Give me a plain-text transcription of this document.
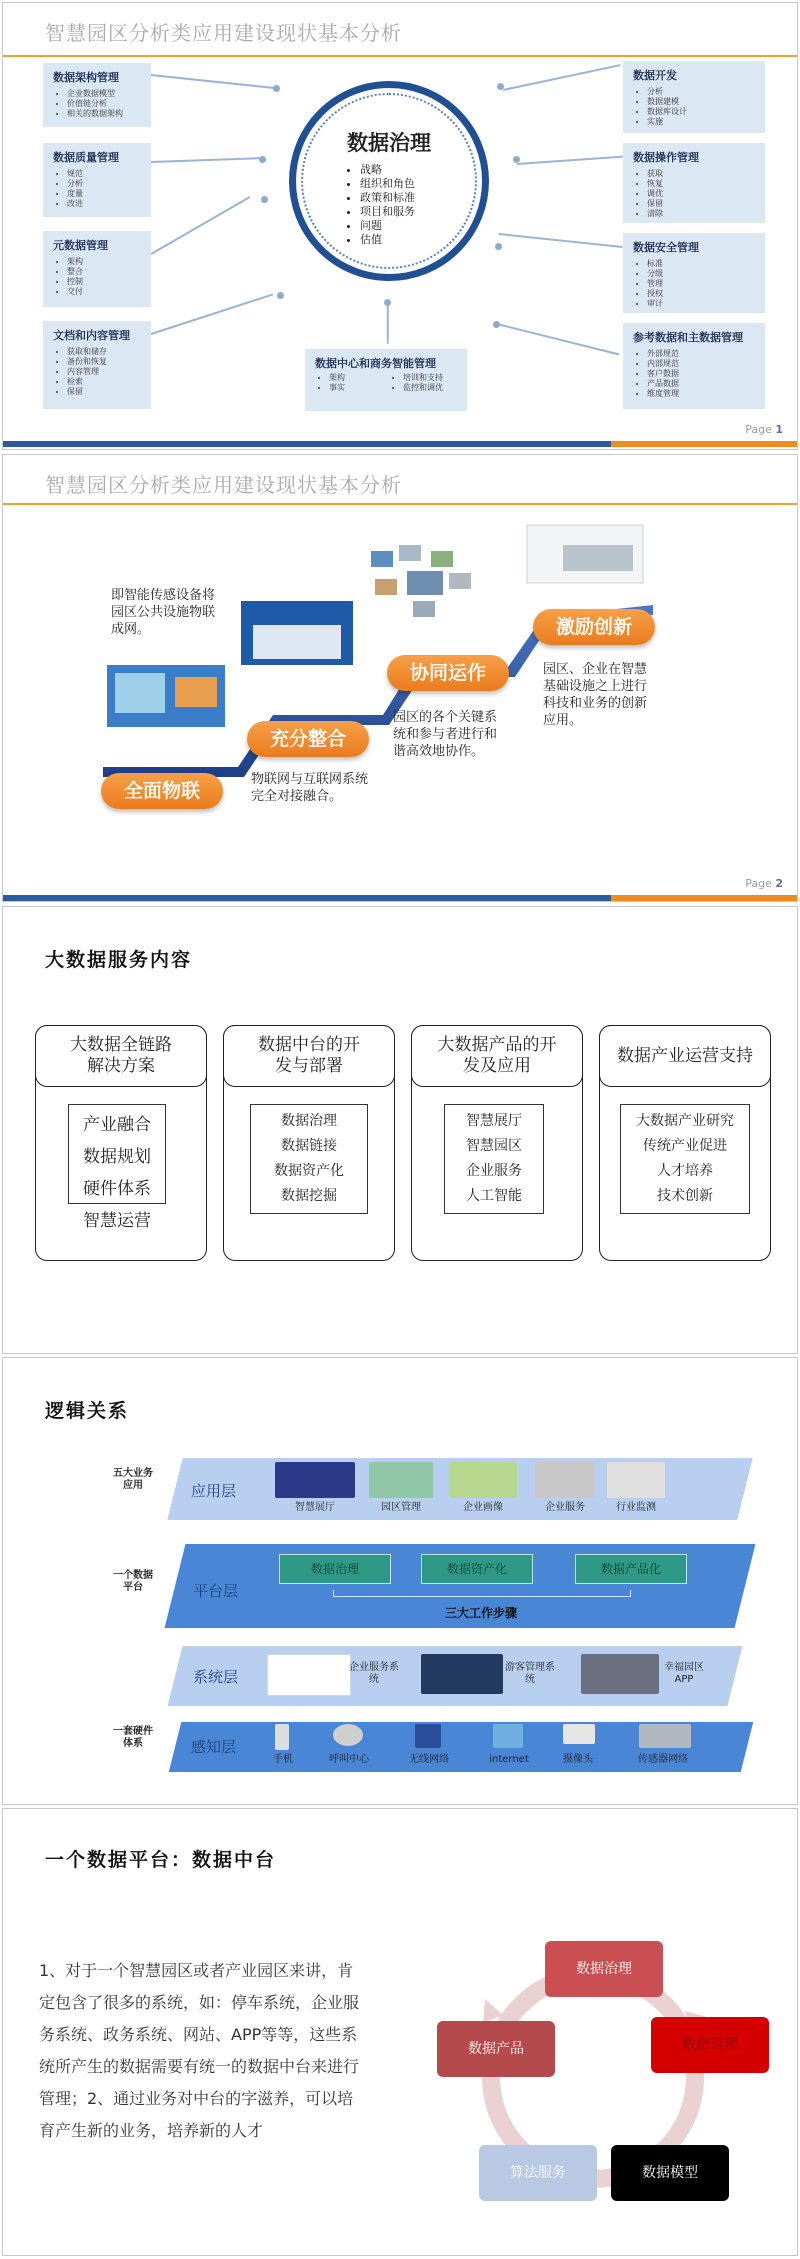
智慧园区分析类应用建设现状基本分析
数据治理
• 战略
• 组织和角色
• 政策和标准
• 项目和服务
• 问题
• 估值
数据架构管理
• 企业数据模型
• 价值链分析
• 相关的数据架构
数据质量管理
• 规范
• 分析
• 度量
• 改进
元数据管理
• 架构
• 整合
• 控制
• 交付
文档和内容管理
• 获取和储存
• 备份和恢复
• 内容管理
• 检索
• 保留
数据开发
• 分析
• 数据建模
• 数据库设计
• 实施
数据操作管理
• 获取
• 恢复
• 调优
• 保留
• 清除
数据安全管理
• 标准
• 分级
• 管理
• 授权
• 审计
参考数据和主数据管理
• 外部规范
• 内部规范
• 客户数据
• 产品数据
• 维度管理
数据中心和商务智能管理
• 架构
• 事实
• 培训和支持
• 监控和调优
Page 1
智慧园区分析类应用建设现状基本分析
全面物联
充分整合
协同运作
激励创新
即智能传感设备将园区公共设施物联成网。
物联网与互联网系统完全对接融合。
园区的各个关键系统和参与者进行和谐高效地协作。
园区、企业在智慧基础设施之上进行科技和业务的创新应用。
Page 2
大数据服务内容
大数据全链路解决方案
产业融合
数据规划
硬件体系
智慧运营
数据中台的开发与部署
数据治理
数据链接
数据资产化
数据挖掘
大数据产品的开发及应用
智慧展厅
智慧园区
企业服务
人工智能
数据产业运营支持
大数据产业研究
传统产业促进
人才培养
技术创新
逻辑关系
五大业务应用
一个数据平台
一套硬件体系
应用层
智慧展厅	园区管理	企业画像	企业服务	行业监测
平台层
数据治理	数据资产化	数据产品化
三大工作步骤
系统层
企业服务系统
游客管理系统
幸福园区APP
感知层
手机	呼叫中心	无线网络	internet	摄像头	传感器网络
一个数据平台：数据中台
1、对于一个智慧园区或者产业园区来讲，肯定包含了很多的系统，如：停车系统，企业服务系统、政务系统、网站、APP等等，这些系统所产生的数据需要有统一的数据中台来进行管理；2、通过业务对中台的字滋养，可以培育产生新的业务，培养新的人才
数据治理
数据管理
数据模型
算法服务
数据产品
